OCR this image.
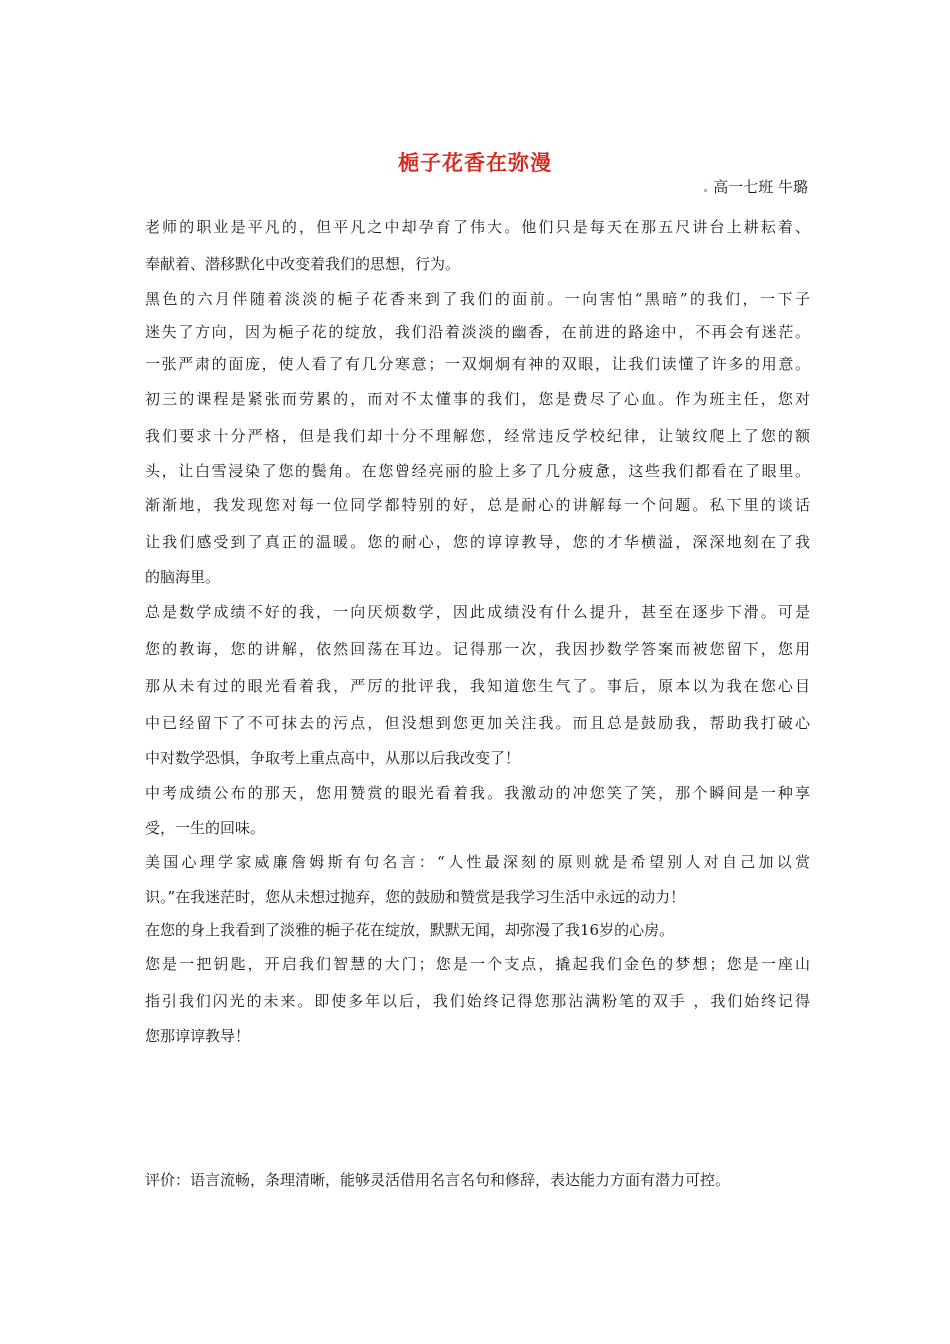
梔子花香在弥漫
高一七班 牛璐
老师的职业是平凡的，但平凡之中却孕育了伟大。他们只是每天在那五尺讲台上耕耘着、
奉献着、潜移默化中改变着我们的思想，行为。
黑色的六月伴随着淡淡的梔子花香来到了我们的面前。一向害怕“黑暗”的我们，一下子
迷失了方向，因为梔子花的绽放，我们沿着淡淡的幽香，在前进的路途中，不再会有迷茫。
一张严肃的面庞，使人看了有几分寒意；一双炯炯有神的双眼，让我们读懂了许多的用意。
初三的课程是紧张而劳累的，而对不太懂事的我们，您是费尽了心血。作为班主任，您对
我们要求十分严格，但是我们却十分不理解您，经常违反学校纪律，让皱纹爬上了您的额
头，让白雪浸染了您的鬓角。在您曾经亮丽的脸上多了几分疲惫，这些我们都看在了眼里。
渐渐地，我发现您对每一位同学都特别的好，总是耐心的讲解每一个问题。私下里的谈话
让我们感受到了真正的温暖。您的耐心，您的谆谆教导，您的才华横溢，深深地刻在了我
的脑海里。
总是数学成绩不好的我，一向厌烦数学，因此成绩没有什么提升，甚至在逐步下滑。可是
您的教诲，您的讲解，依然回荡在耳边。记得那一次，我因抄数学答案而被您留下，您用
那从未有过的眼光看着我，严厉的批评我，我知道您生气了。事后，原本以为我在您心目
中已经留下了不可抹去的污点，但没想到您更加关注我。而且总是鼓励我，帮助我打破心
中对数学恐惧，争取考上重点高中，从那以后我改变了！
中考成绩公布的那天，您用赞赏的眼光看着我。我激动的冲您笑了笑，那个瞬间是一种享
受，一生的回味。
美国心理学家威廉詹姆斯有句名言：“人性最深刻的原则就是希望别人对自己加以赏
识。”在我迷茫时，您从未想过抛弃，您的鼓励和赞赏是我学习生活中永远的动力！
在您的身上我看到了淡雅的梔子花在绽放，默默无闻，却弥漫了我16岁的心房。
您是一把钥匙，开启我们智慧的大门；您是一个支点，撬起我们金色的梦想；您是一座山
指引我们闪光的未来。即使多年以后，我们始终记得您那沾满粉笔的双手 ，我们始终记得
您那谆谆教导！
评价：语言流畅，条理清晰，能够灵活借用名言名句和修辞，表达能力方面有潜力可控。
